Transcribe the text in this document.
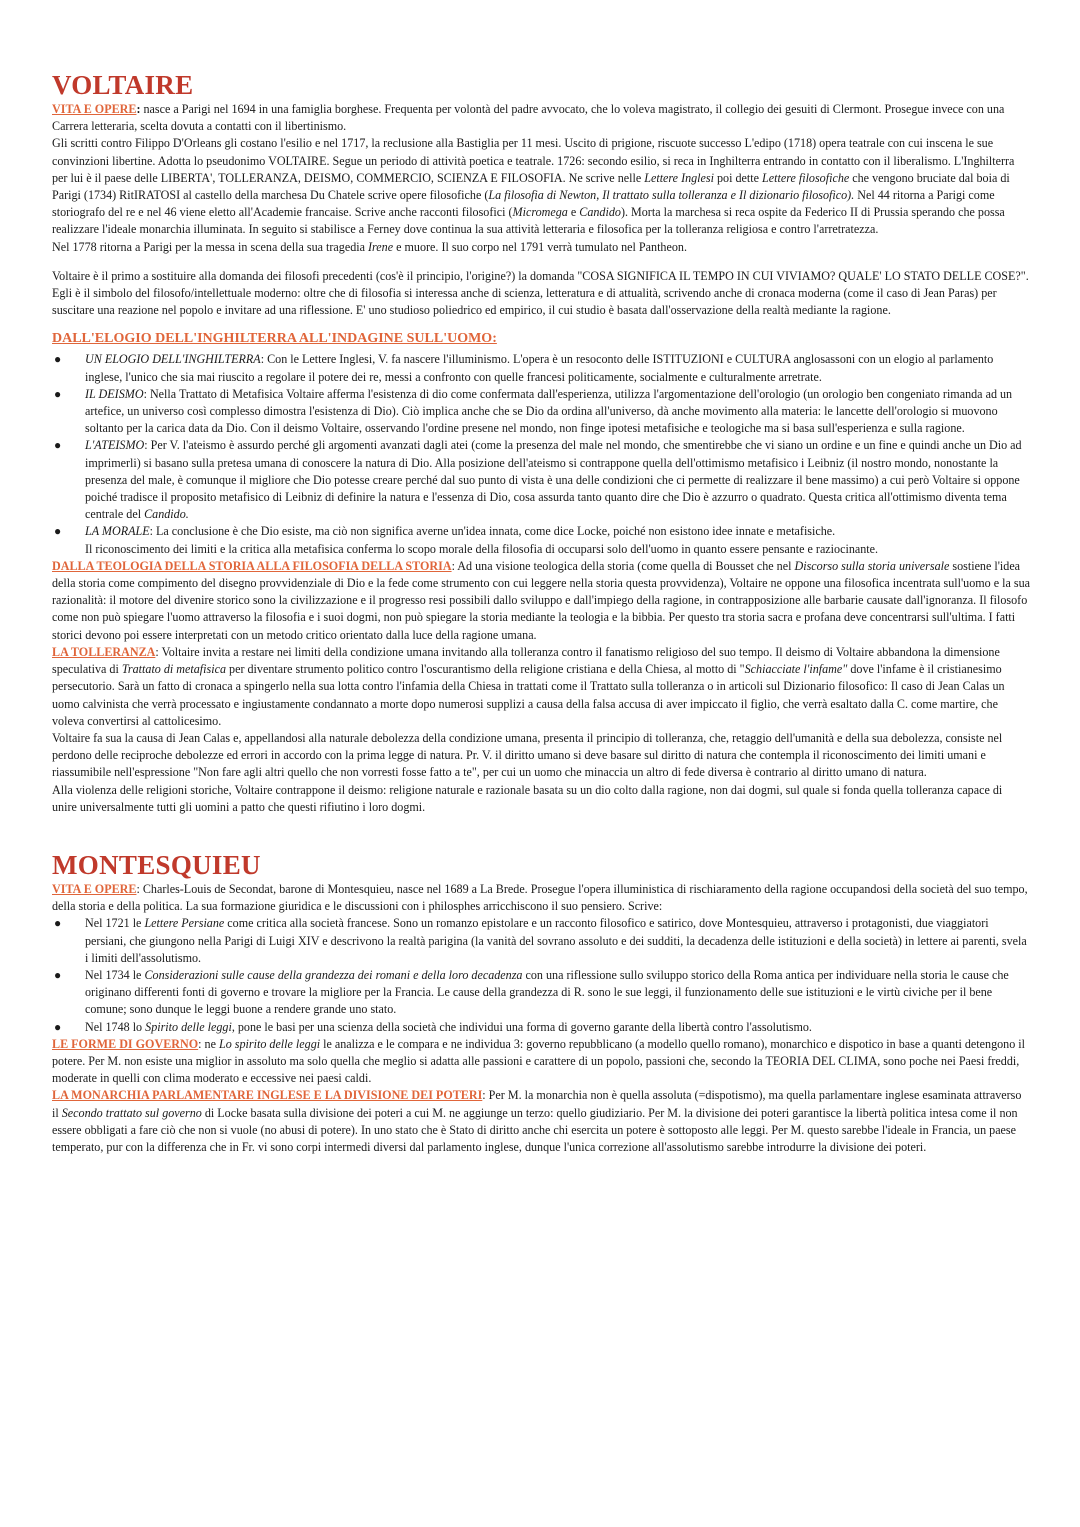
VOLTAIRE

VITA E OPERE: nasce a Parigi nel 1694 in una famiglia borghese. Frequenta per volontà del padre avvocato, che lo voleva magistrato, il collegio dei gesuiti di Clermont. Prosegue invece con una Carrera letteraria, scelta dovuta a contatti con il libertinismo.

Gli scritti contro Filippo D'Orleans gli costano l'esilio e nel 1717, la reclusione alla Bastiglia per 11 mesi. Uscito di prigione, riscuote successo L'edipo (1718) opera teatrale con cui inscena le sue convinzioni libertine. Adotta lo pseudonimo VOLTAIRE. Segue un periodo di attività poetica e teatrale. 1726: secondo esilio, si reca in Inghilterra entrando in contatto con il liberalismo. L'Inghilterra per lui è il paese delle LIBERTA', TOLLERANZA, DEISMO, COMMERCIO, SCIENZA E FILOSOFIA. Ne scrive nelle Lettere Inglesi poi dette Lettere filosofiche che vengono bruciate dal boia di Parigi (1734) RitIRATOSI al castello della marchesa Du Chatele scrive opere filosofiche (La filosofia di Newton, Il trattato sulla tolleranza e Il dizionario filosofico). Nel 44 ritorna a Parigi come storiografo del re e nel 46 viene eletto all'Academie francaise. Scrive anche racconti filosofici (Micromega e Candido). Morta la marchesa si reca ospite da Federico II di Prussia sperando che possa realizzare l'ideale monarchia illuminata. In seguito si stabilisce a Ferney dove continua la sua attività letteraria e filosofica per la tolleranza religiosa e contro l'arretratezza.

Nel 1778 ritorna a Parigi per la messa in scena della sua tragedia Irene e muore. Il suo corpo nel 1791 verrà tumulato nel Pantheon.

Voltaire è il primo a sostituire alla domanda dei filosofi precedenti (cos'è il principio, l'origine?) la domanda "COSA SIGNIFICA IL TEMPO IN CUI VIVIAMO? QUALE' LO STATO DELLE COSE?". Egli è il simbolo del filosofo/intellettuale moderno: oltre che di filosofia si interessa anche di scienza, letteratura e di attualità, scrivendo anche di cronaca moderna (come il caso di Jean Paras) per suscitare una reazione nel popolo e invitare ad una riflessione. E' uno studioso poliedrico ed empirico, il cui studio è basata dall'osservazione della realtà mediante la ragione.

DALL'ELOGIO DELL'INGHILTERRA ALL'INDAGINE SULL'UOMO:
● UN ELOGIO DELL'INGHILTERRA: Con le Lettere Inglesi, V. fa nascere l'illuminismo. L'opera è un resoconto delle ISTITUZIONI e CULTURA anglosassoni con un elogio al parlamento inglese, l'unico che sia mai riuscito a regolare il potere dei re, messi a confronto con quelle francesi politicamente, socialmente e culturalmente arretrate.
● IL DEISMO: Nella Trattato di Metafisica Voltaire afferma l'esistenza di dio come confermata dall'esperienza, utilizza l'argomentazione dell'orologio (un orologio ben congeniato rimanda ad un artefice, un universo così complesso dimostra l'esistenza di Dio). Ciò implica anche che se Dio da ordina all'universo, dà anche movimento alla materia: le lancette dell'orologio si muovono soltanto per la carica data da Dio. Con il deismo Voltaire, osservando l'ordine presene nel mondo, non finge ipotesi metafisiche e teologiche ma si basa sull'esperienza e sulla ragione.
● L'ATEISMO: Per V. l'ateismo è assurdo perché gli argomenti avanzati dagli atei (come la presenza del male nel mondo, che smentirebbe che vi siano un ordine e un fine e quindi anche un Dio ad imprimerli) si basano sulla pretesa umana di conoscere la natura di Dio. Alla posizione dell'ateismo si contrappone quella dell'ottimismo metafisico i Leibniz (il nostro mondo, nonostante la presenza del male, è comunque il migliore che Dio potesse creare perché dal suo punto di vista è una delle condizioni che ci permette di realizzare il bene massimo) a cui però Voltaire si oppone poiché tradisce il proposito metafisico di Leibniz di definire la natura e l'essenza di Dio, cosa assurda tanto quanto dire che Dio è azzurro o quadrato. Questa critica all'ottimismo diventa tema centrale del Candido.
● LA MORALE: La conclusione è che Dio esiste, ma ciò non significa averne un'idea innata, come dice Locke, poiché non esistono idee innate e metafisiche.
Il riconoscimento dei limiti e la critica alla metafisica conferma lo scopo morale della filosofia di occuparsi solo dell'uomo in quanto essere pensante e raziocinante.

DALLA TEOLOGIA DELLA STORIA ALLA FILOSOFIA DELLA STORIA: Ad una visione teologica della storia (come quella di Bousset che nel Discorso sulla storia universale sostiene l'idea della storia come compimento del disegno provvidenziale di Dio e la fede come strumento con cui leggere nella storia questa provvidenza), Voltaire ne oppone una filosofica incentrata sull'uomo e la sua razionalità: il motore del divenire storico sono la civilizzazione e il progresso resi possibili dallo sviluppo e dall'impiego della ragione, in contrapposizione alle barbarie causate dall'ignoranza. Il filosofo come non può spiegare l'uomo attraverso la filosofia e i suoi dogmi, non può spiegare la storia mediante la teologia e la bibbia. Per questo tra storia sacra e profana deve concentrarsi sull'ultima. I fatti storici devono poi essere interpretati con un metodo critico orientato dalla luce della ragione umana.

LA TOLLERANZA: Voltaire invita a restare nei limiti della condizione umana invitando alla tolleranza contro il fanatismo religioso del suo tempo. Il deismo di Voltaire abbandona la dimensione speculativa di Trattato di metafisica per diventare strumento politico contro l'oscurantismo della religione cristiana e della Chiesa, al motto di "Schiacciate l'infame" dove l'infame è il cristianesimo persecutorio. Sarà un fatto di cronaca a spingerlo nella sua lotta contro l'infamia della Chiesa in trattati come il Trattato sulla tolleranza o in articoli sul Dizionario filosofico: Il caso di Jean Calas un uomo calvinista che verrà processato e ingiustamente condannato a morte dopo numerosi supplizi a causa della falsa accusa di aver impiccato il figlio, che verrà esaltato dalla C. come martire, che voleva convertirsi al cattolicesimo.

Voltaire fa sua la causa di Jean Calas e, appellandosi alla naturale debolezza della condizione umana, presenta il principio di tolleranza, che, retaggio dell'umanità e della sua debolezza, consiste nel perdono delle reciproche debolezze ed errori in accordo con la prima legge di natura. Pr. V. il diritto umano si deve basare sul diritto di natura che contempla il riconoscimento dei limiti umani e riassumibile nell'espressione "Non fare agli altri quello che non vorresti fosse fatto a te", per cui un uomo che minaccia un altro di fede diversa è contrario al diritto umano di natura.

Alla violenza delle religioni storiche, Voltaire contrappone il deismo: religione naturale e razionale basata su un dio colto dalla ragione, non dai dogmi, sul quale si fonda quella tolleranza capace di unire universalmente tutti gli uomini a patto che questi rifiutino i loro dogmi.

MONTESQUIEU

VITA E OPERE: Charles-Louis de Secondat, barone di Montesquieu, nasce nel 1689 a La Brede. Prosegue l'opera illuministica di rischiaramento della ragione occupandosi della società del suo tempo, della storia e della politica. La sua formazione giuridica e le discussioni con i philosphes arricchiscono il suo pensiero. Scrive:

● Nel 1721 le Lettere Persiane come critica alla società francese. Sono un romanzo epistolare e un racconto filosofico e satirico, dove Montesquieu, attraverso i protagonisti, due viaggiatori persiani, che giungono nella Parigi di Luigi XIV e descrivono la realtà parigina (la vanità del sovrano assoluto e dei sudditi, la decadenza delle istituzioni e della società) in lettere ai parenti, svela i limiti dell'assolutismo.
● Nel 1734 le Considerazioni sulle cause della grandezza dei romani e della loro decadenza con una riflessione sullo sviluppo storico della Roma antica per individuare nella storia le cause che originano differenti fonti di governo e trovare la migliore per la Francia. Le cause della grandezza di R. sono le sue leggi, il funzionamento delle sue istituzioni e le virtù civiche per il bene comune; sono dunque le leggi buone a rendere grande uno stato.
● Nel 1748 lo Spirito delle leggi, pone le basi per una scienza della società che individui una forma di governo garante della libertà contro l'assolutismo.

LE FORME DI GOVERNO: ne Lo spirito delle leggi le analizza e le compara e ne individua 3: governo repubblicano (a modello quello romano), monarchico e dispotico in base a quanti detengono il potere. Per M. non esiste una miglior in assoluto ma solo quella che meglio si adatta alle passioni e carattere di un popolo, passioni che, secondo la TEORIA DEL CLIMA, sono poche nei Paesi freddi, moderate in quelli con clima moderato e eccessive nei paesi caldi.

LA MONARCHIA PARLAMENTARE INGLESE E LA DIVISIONE DEI POTERI: Per M. la monarchia non è quella assoluta (=dispotismo), ma quella parlamentare inglese esaminata attraverso il Secondo trattato sul governo di Locke basata sulla divisione dei poteri a cui M. ne aggiunge un terzo: quello giudiziario. Per M. la divisione dei poteri garantisce la libertà politica intesa come il non essere obbligati a fare ciò che non si vuole (no abusi di potere). In uno stato che è Stato di diritto anche chi esercita un potere è sottoposto alle leggi. Per M. questo sarebbe l'ideale in Francia, un paese temperato, pur con la differenza che in Fr. vi sono corpi intermedi diversi dal parlamento inglese, dunque l'unica correzione all'assolutismo sarebbe introdurre la divisione dei poteri.
